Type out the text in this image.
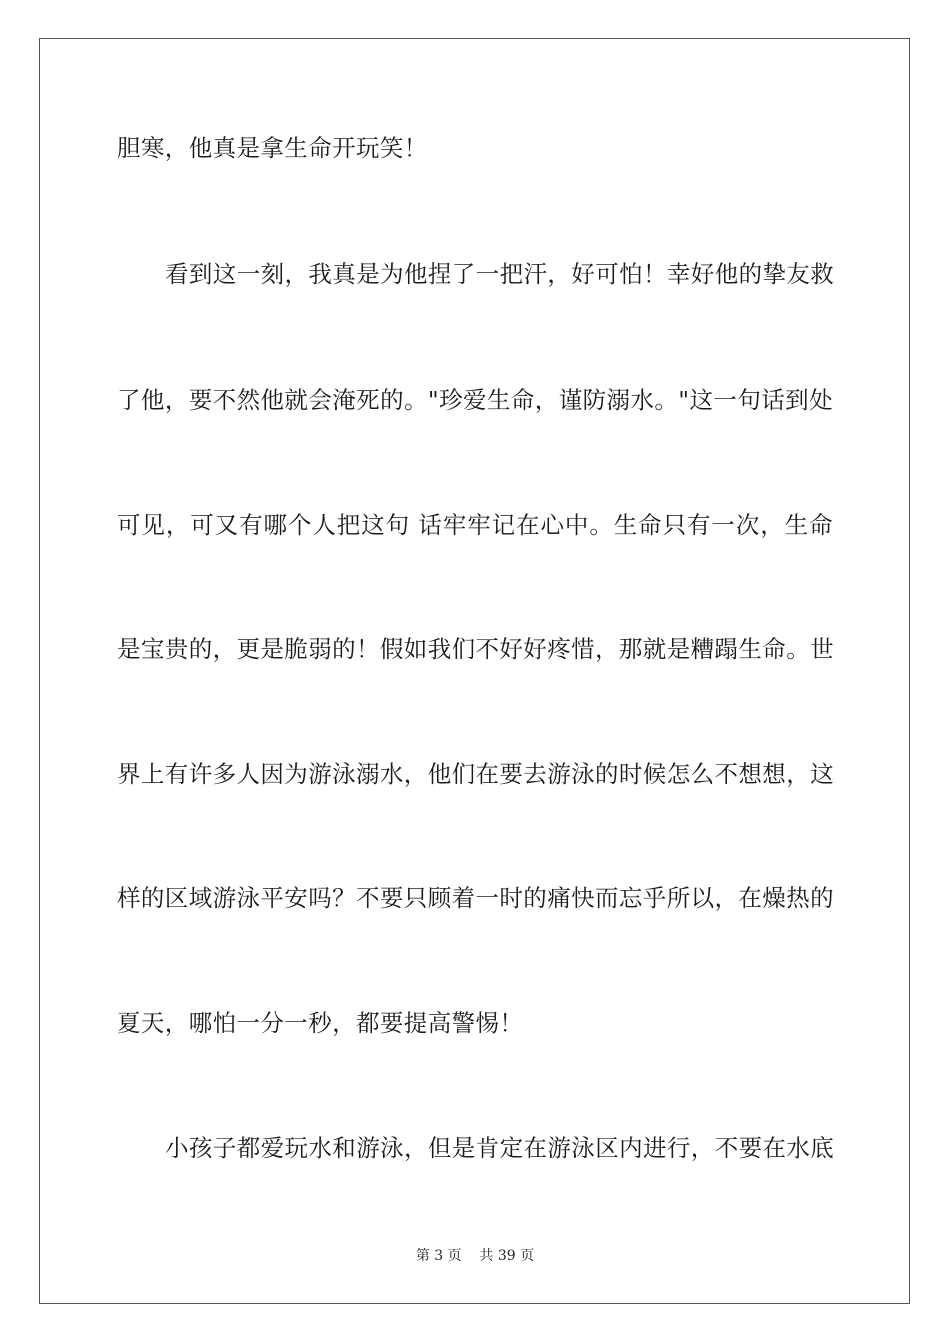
胆寒，他真是拿生命开玩笑！

看到这一刻，我真是为他捏了一把汗，好可怕！幸好他的挚友救

了他，要不然他就会淹死的。"珍爱生命，谨防溺水。"这一句话到处

可见，可又有哪个人把这句 话牢牢记在心中。生命只有一次，生命

是宝贵的，更是脆弱的！假如我们不好好疼惜，那就是糟蹋生命。世

界上有许多人因为游泳溺水，他们在要去游泳的时候怎么不想想，这

样的区域游泳平安吗？不要只顾着一时的痛快而忘乎所以，在燥热的

夏天，哪怕一分一秒，都要提高警惕！

小孩子都爱玩水和游泳，但是肯定在游泳区内进行，不要在水底

第 3 页    共 39 页
